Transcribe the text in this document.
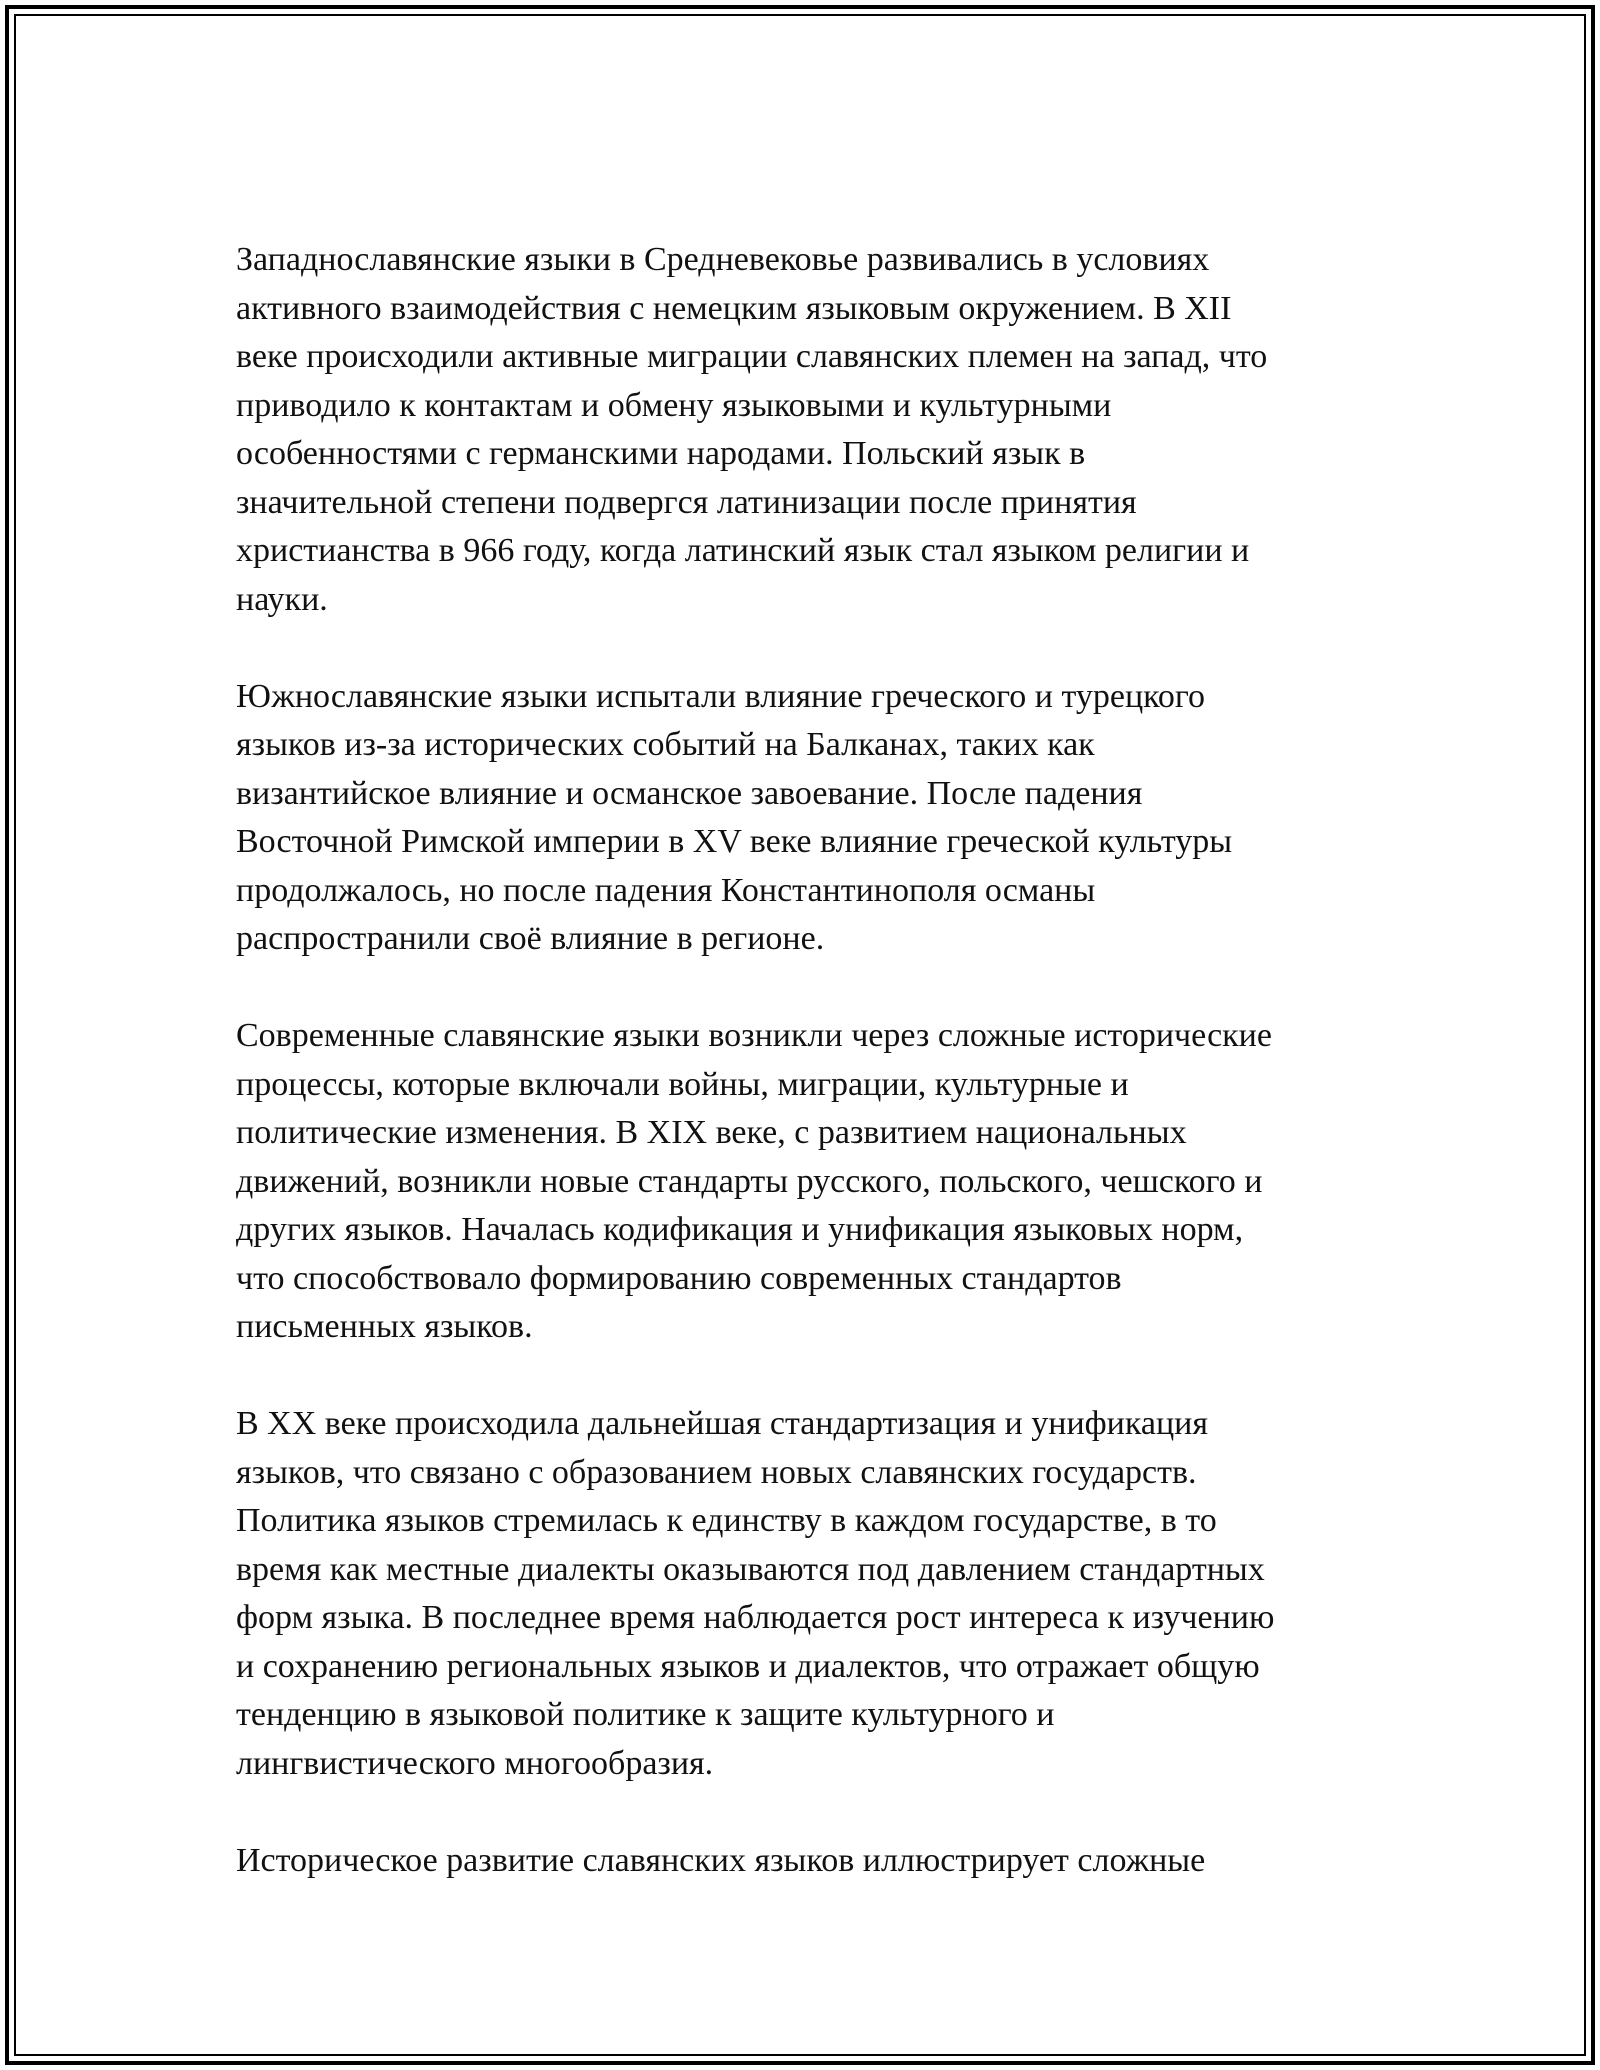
Западнославянские языки в Средневековье развивались в условиях
активного взаимодействия с немецким языковым окружением. В XII
веке происходили активные миграции славянских племен на запад, что
приводило к контактам и обмену языковыми и культурными
особенностями с германскими народами. Польский язык в
значительной степени подвергся латинизации после принятия
христианства в 966 году, когда латинский язык стал языком религии и
науки.

Южнославянские языки испытали влияние греческого и турецкого
языков из-за исторических событий на Балканах, таких как
византийское влияние и османское завоевание. После падения
Восточной Римской империи в XV веке влияние греческой культуры
продолжалось, но после падения Константинополя османы
распространили своё влияние в регионе.

Современные славянские языки возникли через сложные исторические
процессы, которые включали войны, миграции, культурные и
политические изменения. В XIX веке, с развитием национальных
движений, возникли новые стандарты русского, польского, чешского и
других языков. Началась кодификация и унификация языковых норм,
что способствовало формированию современных стандартов
письменных языков.

В XX веке происходила дальнейшая стандартизация и унификация
языков, что связано с образованием новых славянских государств.
Политика языков стремилась к единству в каждом государстве, в то
время как местные диалекты оказываются под давлением стандартных
форм языка. В последнее время наблюдается рост интереса к изучению
и сохранению региональных языков и диалектов, что отражает общую
тенденцию в языковой политике к защите культурного и
лингвистического многообразия.

Историческое развитие славянских языков иллюстрирует сложные
